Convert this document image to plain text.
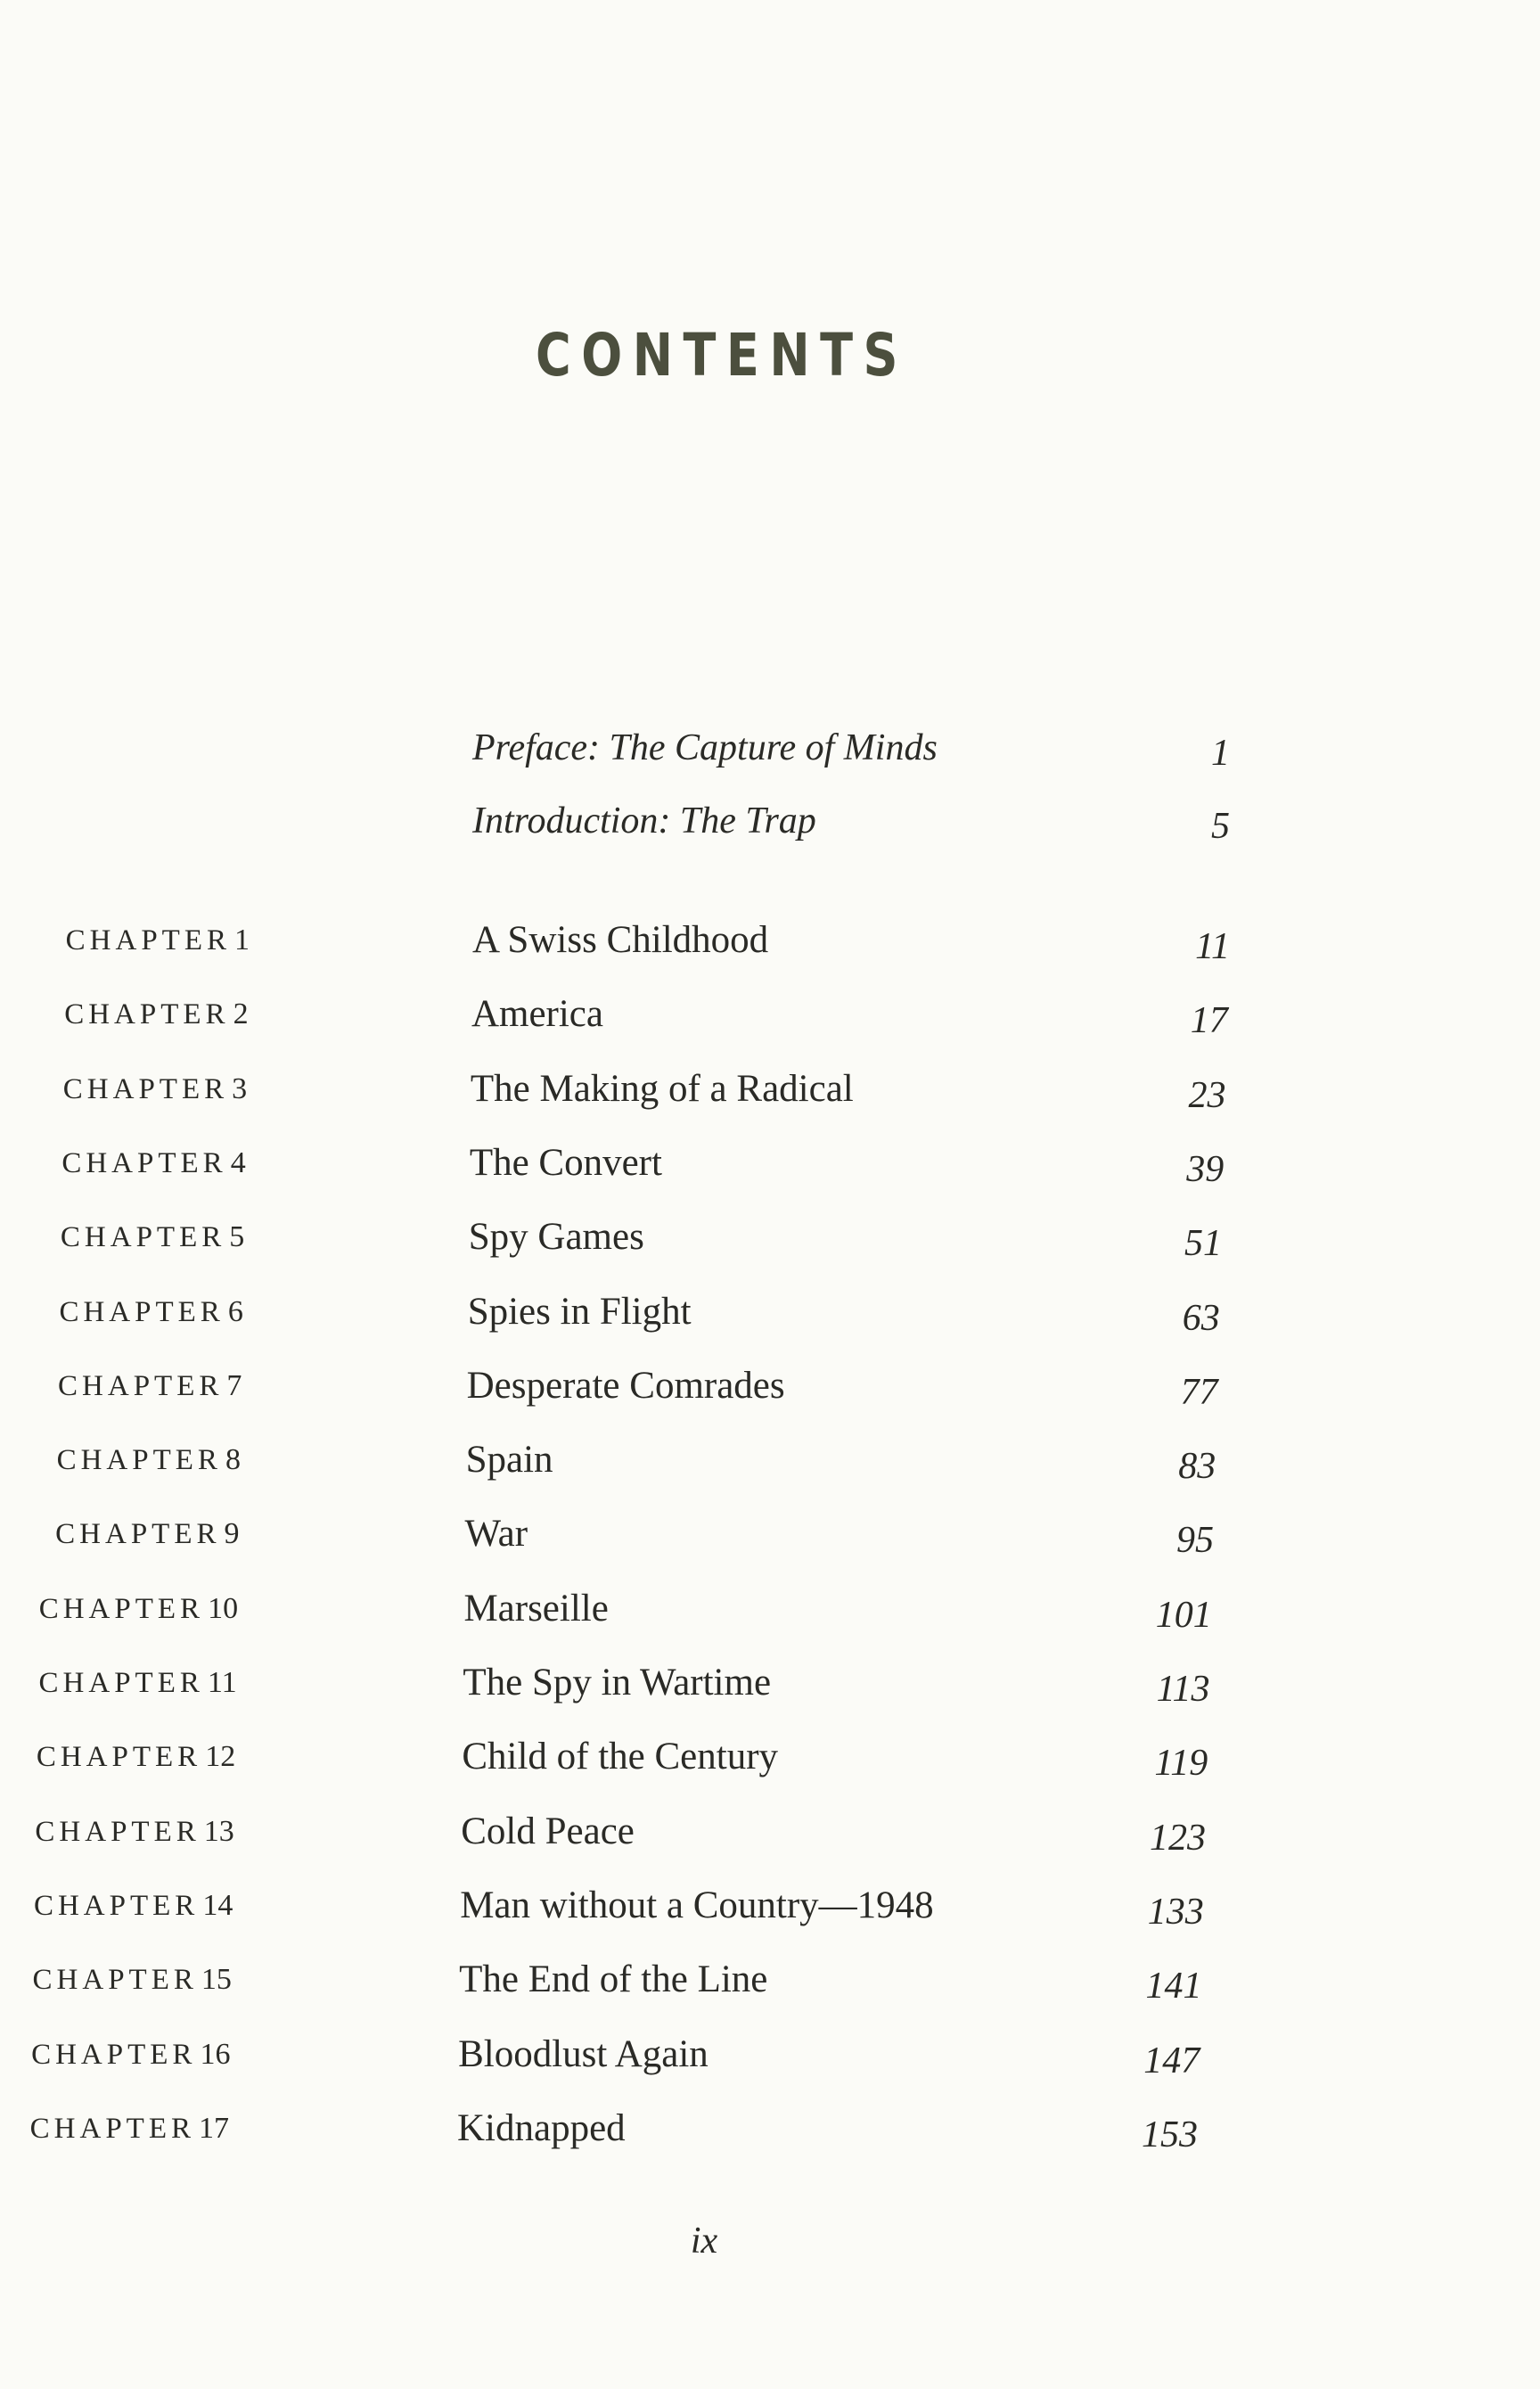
CONTENTS
Preface: The Capture of Minds	1
Introduction: The Trap	5
CHAPTER 1	A Swiss Childhood	11
CHAPTER 2	America	17
CHAPTER 3	The Making of a Radical	23
CHAPTER 4	The Convert	39
CHAPTER 5	Spy Games	51
CHAPTER 6	Spies in Flight	63
CHAPTER 7	Desperate Comrades	77
CHAPTER 8	Spain	83
CHAPTER 9	War	95
CHAPTER 10	Marseille	101
CHAPTER 11	The Spy in Wartime	113
CHAPTER 12	Child of the Century	119
CHAPTER 13	Cold Peace	123
CHAPTER 14	Man without a Country—1948	133
CHAPTER 15	The End of the Line	141
CHAPTER 16	Bloodlust Again	147
CHAPTER 17	Kidnapped	153
ix
